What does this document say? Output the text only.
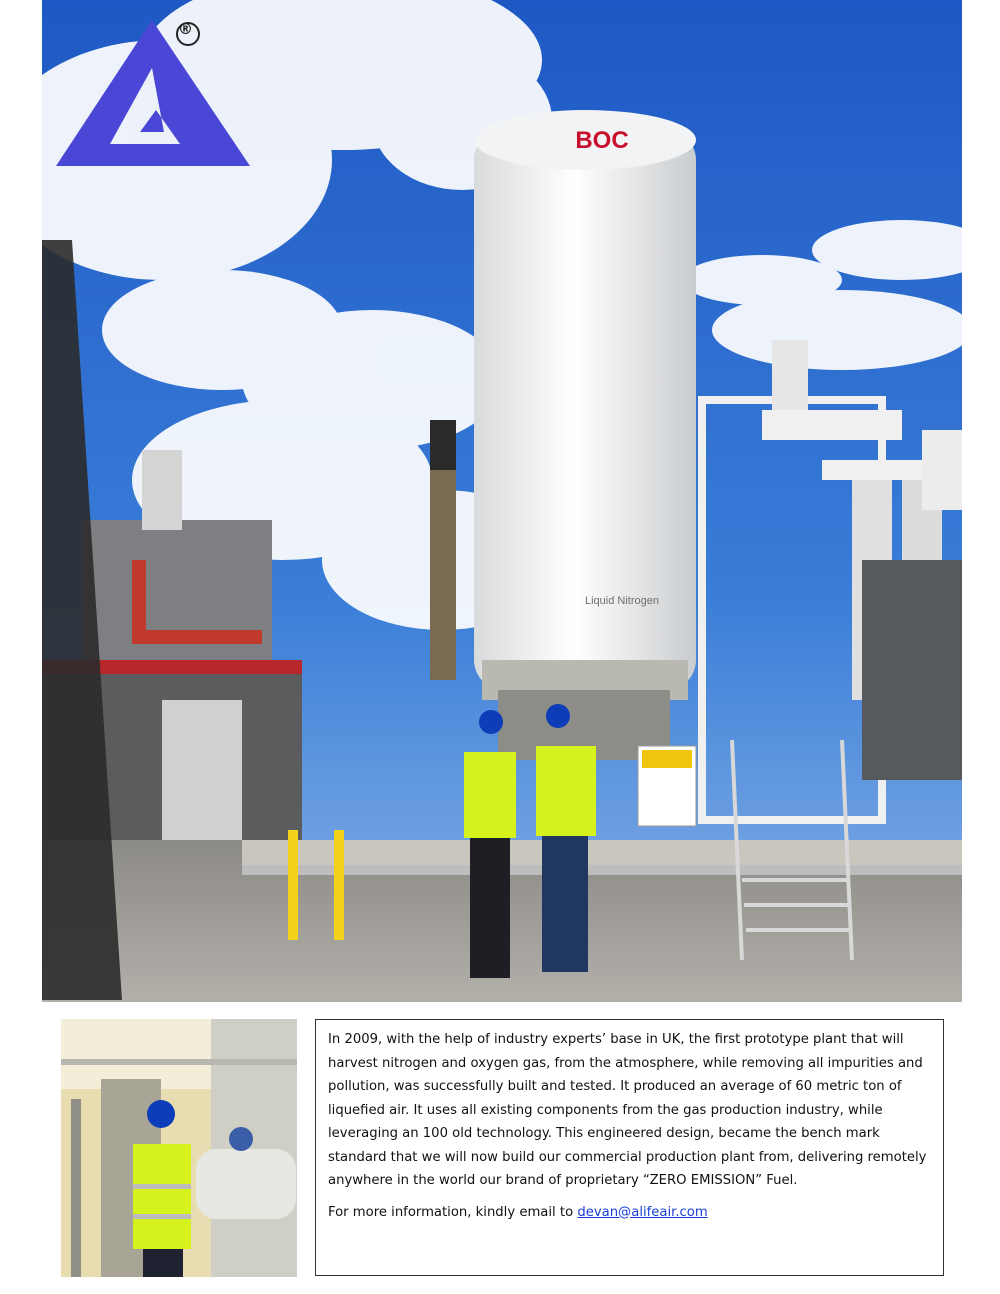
BOC
Liquid Nitrogen
®

In 2009, with the help of industry experts’ base in UK, the first prototype plant that will harvest nitrogen and oxygen gas, from the atmosphere, while removing all impurities and pollution, was successfully built and tested. It produced an average of 60 metric ton of liquefied air. It uses all existing components from the gas production industry, while leveraging an 100 old technology. This engineered design, became the bench mark standard that we will now build our commercial production plant from, delivering remotely anywhere in the world our brand of proprietary “ZERO EMISSION” Fuel.

For more information, kindly email to devan@alifeair.com
